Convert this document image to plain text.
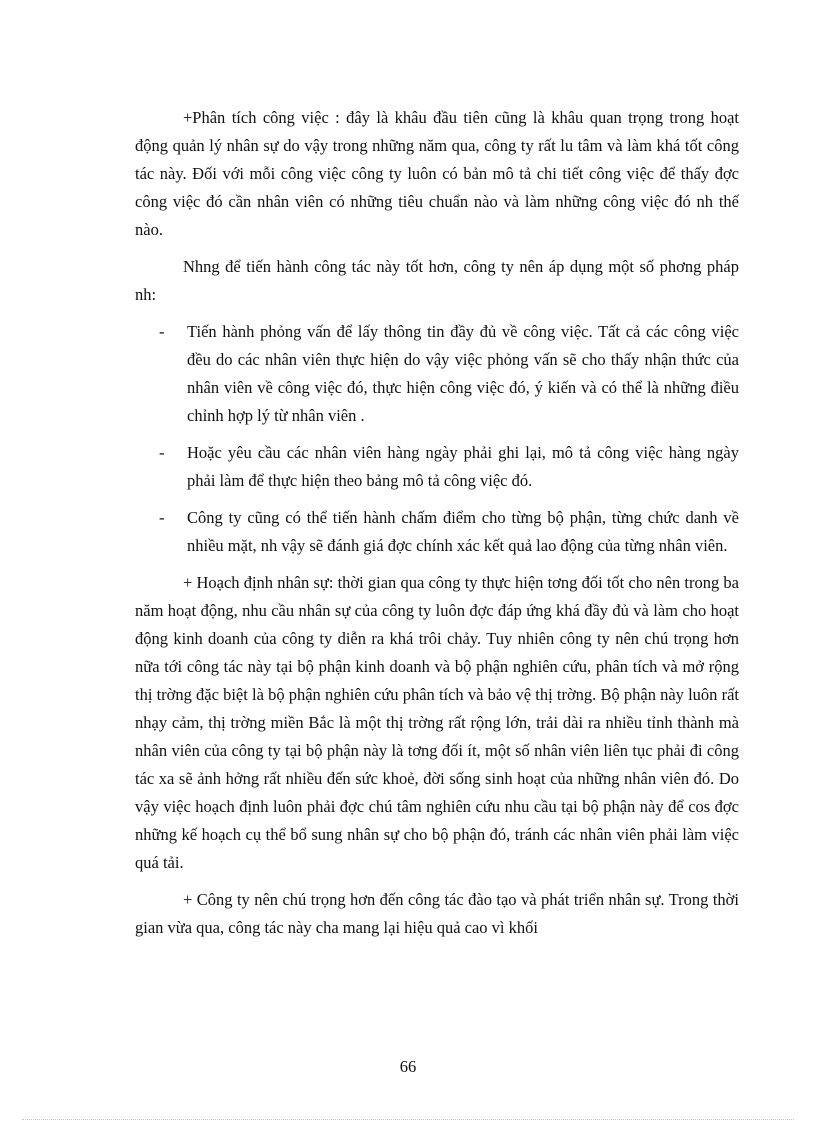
+Phân tích công việc : đây là khâu đầu tiên cũng là khâu quan trọng trong hoạt động quản lý nhân sự do vậy trong những năm qua, công ty rất lu tâm và làm khá tốt công tác này. Đối với mỗi công việc công ty luôn có bản mô tả chi tiết công việc để thấy đợc công việc đó cần nhân viên có những tiêu chuẩn nào và làm những công việc đó nh thế nào.

Nhng để tiến hành công tác này tốt hơn, công ty nên áp dụng một số phơng pháp nh:

- Tiến hành phỏng vấn để lấy thông tin đầy đủ về công việc. Tất cả các công việc đều do các nhân viên thực hiện do vậy việc phỏng vấn sẽ cho thấy nhận thức của nhân viên về công việc đó, thực hiện công việc đó, ý kiến và có thể là những điều chỉnh hợp lý từ nhân viên .
- Hoặc yêu cầu các nhân viên hàng ngày phải ghi lại, mô tả công việc hàng ngày phải làm để thực hiện theo bảng mô tả công việc đó.
- Công ty cũng có thể tiến hành chấm điểm cho từng bộ phận, từng chức danh về nhiều mặt, nh vậy sẽ đánh giá đợc chính xác kết quả lao động của từng nhân viên.

+ Hoạch định nhân sự: thời gian qua công ty thực hiện tơng đối tốt cho nên trong ba năm hoạt động, nhu cầu nhân sự của công ty luôn đợc đáp ứng khá đầy đủ và làm cho hoạt động kinh doanh của công ty diễn ra khá trôi chảy. Tuy nhiên công ty nên chú trọng hơn nữa tới công tác này tại bộ phận kinh doanh và bộ phận nghiên cứu, phân tích và mở rộng thị trờng đặc biệt là bộ phận nghiên cứu phân tích và bảo vệ thị trờng. Bộ phận này luôn rất nhạy cảm, thị trờng miền Bắc là một thị trờng rất rộng lớn, trải dài ra nhiều tỉnh thành mà nhân viên của công ty tại bộ phận này là tơng đối ít, một số nhân viên liên tục phải đi công tác xa sẽ ảnh hởng rất nhiều đến sức khoẻ, đời sống sinh hoạt của những nhân viên đó. Do vậy việc hoạch định luôn phải đợc chú tâm nghiên cứu nhu cầu tại bộ phận này để cos đợc những kế hoạch cụ thể bổ sung nhân sự cho bộ phận đó, tránh các nhân viên phải làm việc quá tải.

+ Công ty nên chú trọng hơn đến công tác đào tạo và phát triển nhân sự. Trong thời gian vừa qua, công tác này cha mang lại hiệu quả cao vì khối

66
